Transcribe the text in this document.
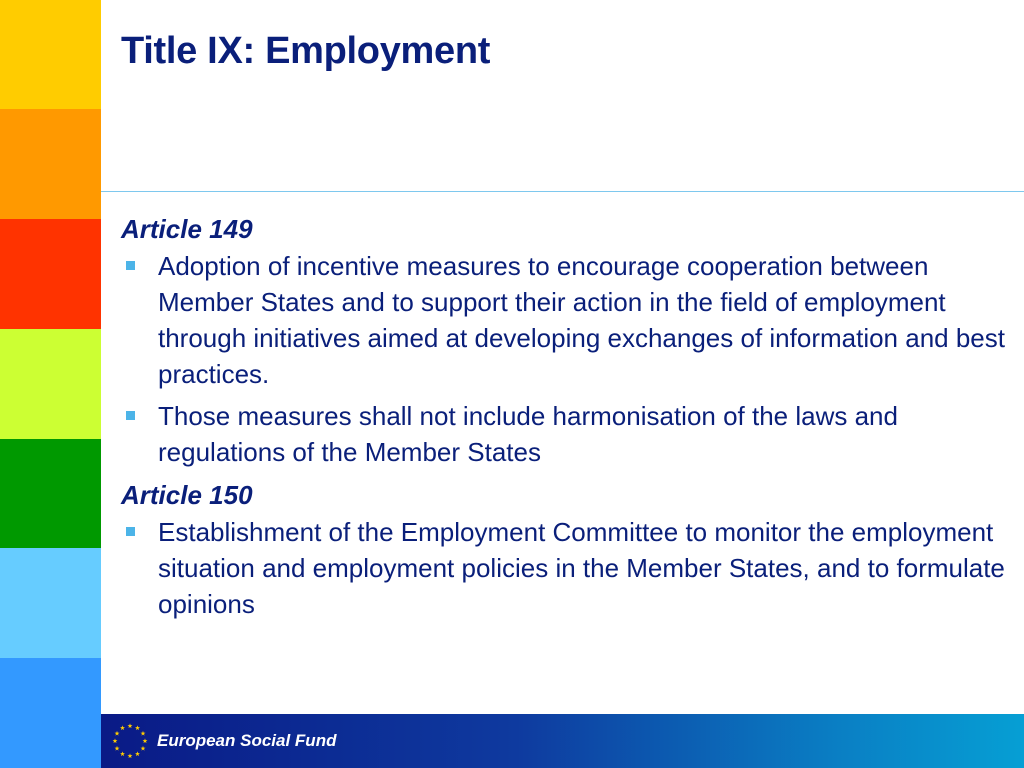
Title IX: Employment
Article 149
Adoption of incentive measures to encourage cooperation between Member States and to support their action in the field of employment through initiatives aimed at developing exchanges of information and best practices.
Those measures shall not include harmonisation of the laws and regulations of the Member States
Article 150
Establishment of the Employment Committee to monitor the employment situation and employment policies in the Member States, and to formulate opinions
European Social Fund
